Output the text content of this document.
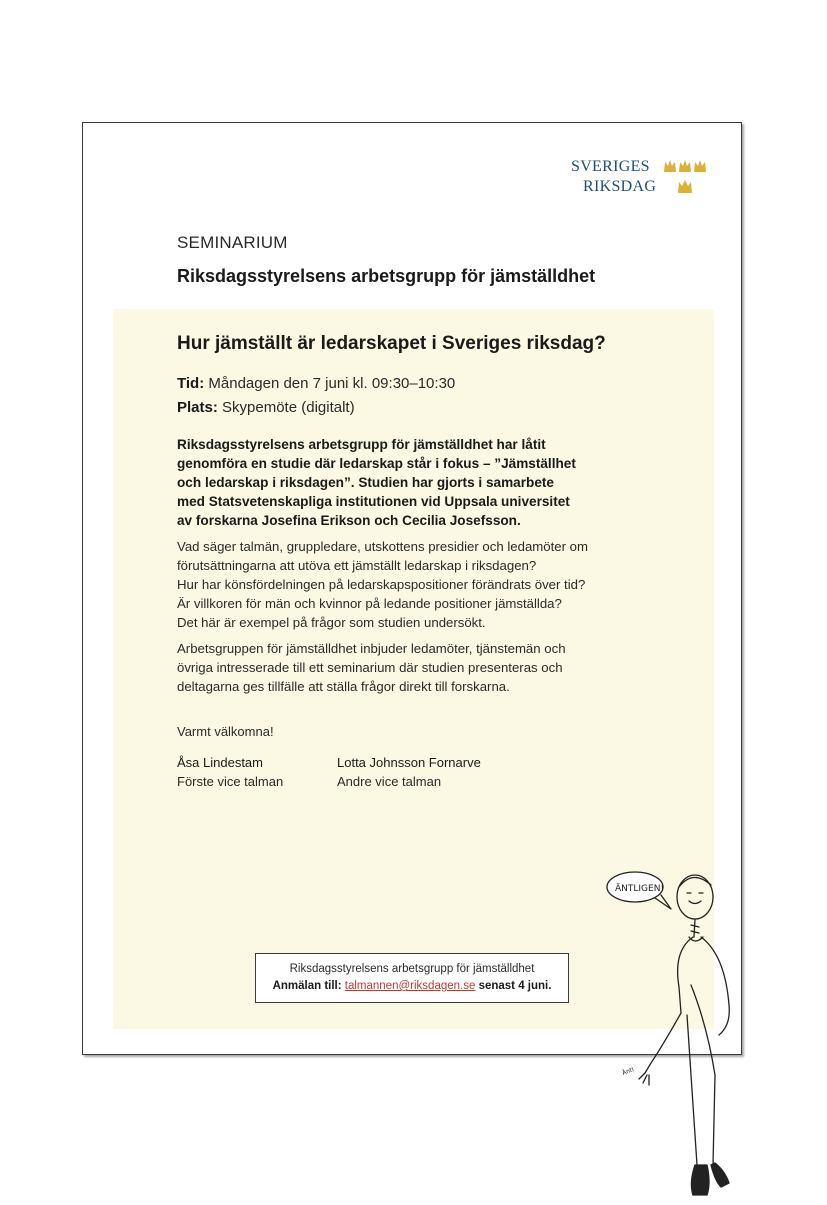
SVERIGES
RIKSDAG
SEMINARIUM
Riksdagsstyrelsens arbetsgrupp för jämställdhet
Hur jämställt är ledarskapet i Sveriges riksdag?
Tid: Måndagen den 7 juni kl. 09:30–10:30
Plats: Skypemöte (digitalt)
Riksdagsstyrelsens arbetsgrupp för jämställdhet har låtit
genomföra en studie där ledarskap står i fokus – ”Jämställhet
och ledarskap i riksdagen”. Studien har gjorts i samarbete
med Statsvetenskapliga institutionen vid Uppsala universitet
av forskarna Josefina Erikson och Cecilia Josefsson.
Vad säger talmän, gruppledare, utskottens presidier och ledamöter om
förutsättningarna att utöva ett jämställt ledarskap i riksdagen?
Hur har könsfördelningen på ledarskapspositioner förändrats över tid?
Är villkoren för män och kvinnor på ledande positioner jämställda?
Det här är exempel på frågor som studien undersökt.
Arbetsgruppen för jämställdhet inbjuder ledamöter, tjänstemän och
övriga intresserade till ett seminarium där studien presenteras och
deltagarna ges tillfälle att ställa frågor direkt till forskarna.
Varmt välkomna!
Åsa Lindestam
Förste vice talman
Lotta Johnsson Fornarve
Andre vice talman
ÄNTLIGEN!
Äntl
Riksdagsstyrelsens arbetsgrupp för jämställdhet
Anmälan till: talmannen@riksdagen.se senast 4 juni.
